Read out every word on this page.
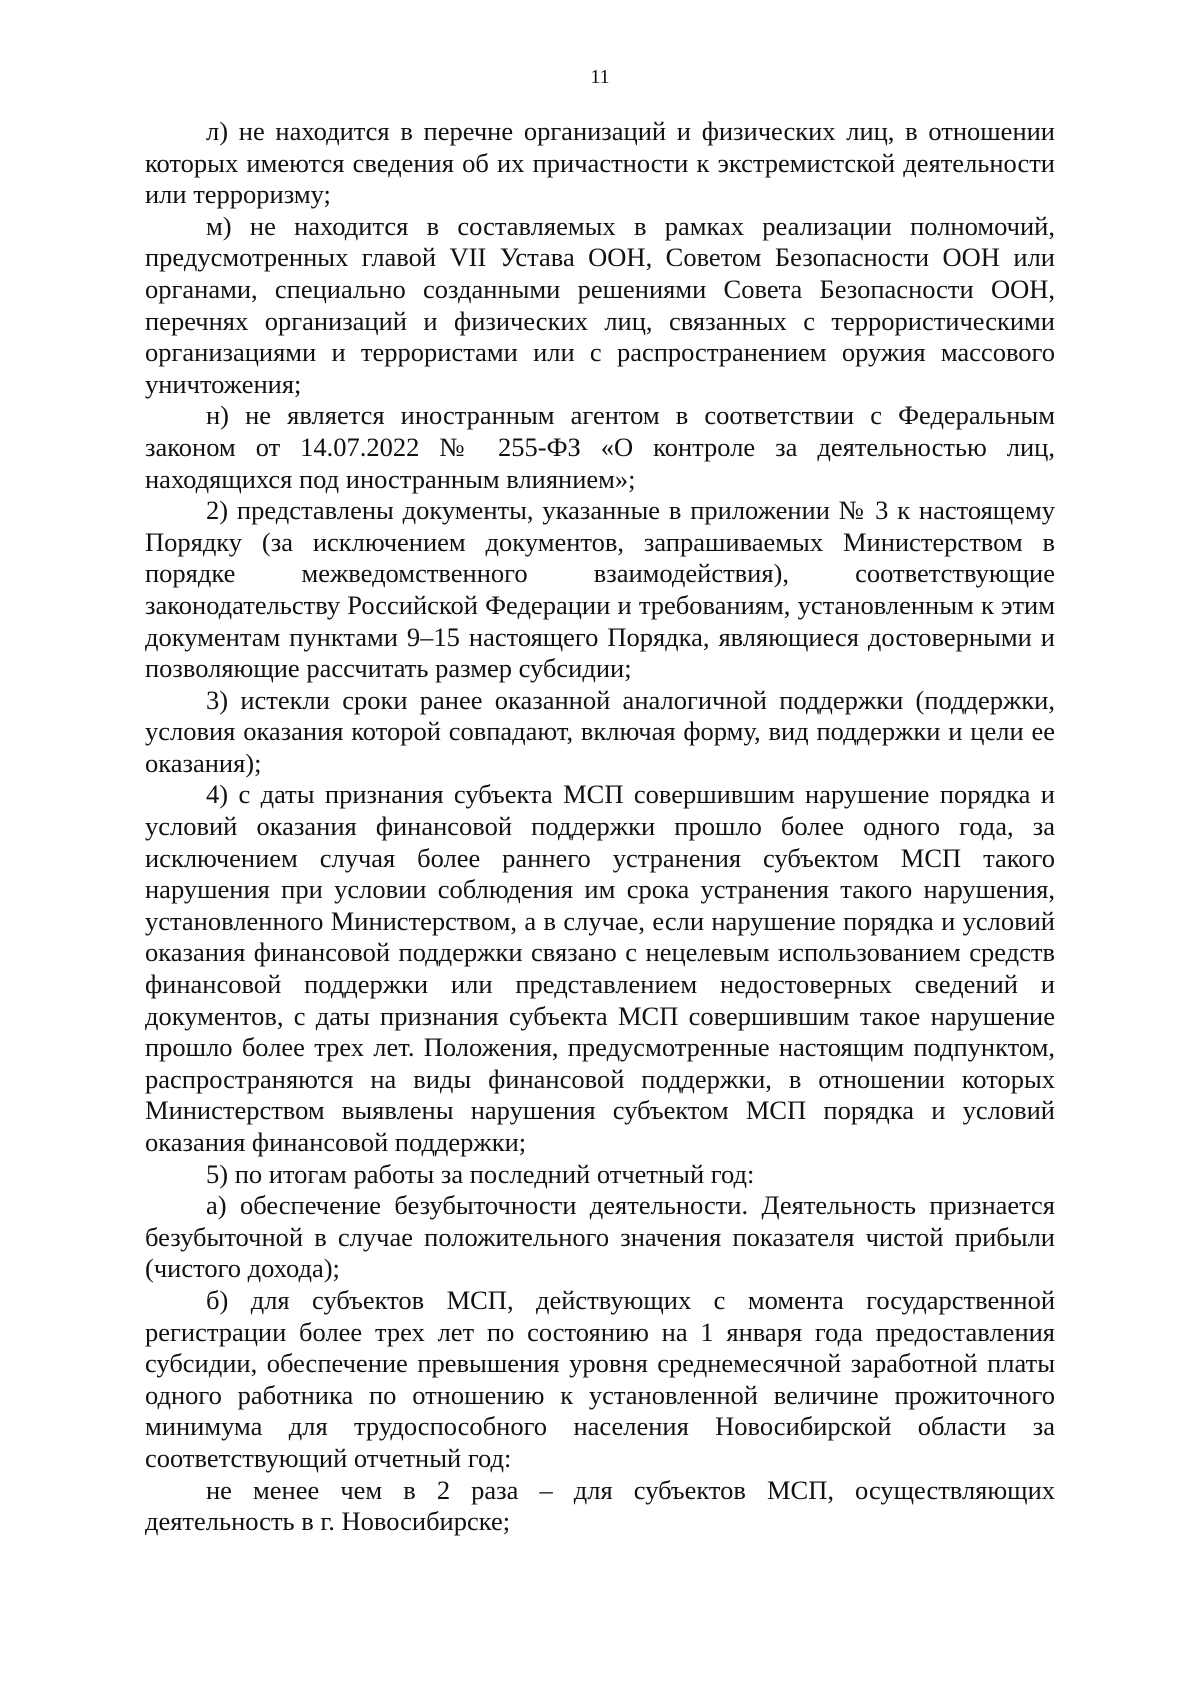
11

л) не находится в перечне организаций и физических лиц, в отношении которых имеются сведения об их причастности к экстремистской деятельности или терроризму;

м) не находится в составляемых в рамках реализации полномочий, предусмотренных главой VII Устава ООН, Советом Безопасности ООН или органами, специально созданными решениями Совета Безопасности ООН, перечнях организаций и физических лиц, связанных с террористическими организациями и террористами или с распространением оружия массового уничтожения;

н) не является иностранным агентом в соответствии с Федеральным законом от 14.07.2022 № 255-ФЗ «О контроле за деятельностью лиц, находящихся под иностранным влиянием»;

2) представлены документы, указанные в приложении № 3 к настоящему Порядку (за исключением документов, запрашиваемых Министерством в порядке межведомственного взаимодействия), соответствующие законодательству Российской Федерации и требованиям, установленным к этим документам пунктами 9–15 настоящего Порядка, являющиеся достоверными и позволяющие рассчитать размер субсидии;

3) истекли сроки ранее оказанной аналогичной поддержки (поддержки, условия оказания которой совпадают, включая форму, вид поддержки и цели ее оказания);

4) с даты признания субъекта МСП совершившим нарушение порядка и условий оказания финансовой поддержки прошло более одного года, за исключением случая более раннего устранения субъектом МСП такого нарушения при условии соблюдения им срока устранения такого нарушения, установленного Министерством, а в случае, если нарушение порядка и условий оказания финансовой поддержки связано с нецелевым использованием средств финансовой поддержки или представлением недостоверных сведений и документов, с даты признания субъекта МСП совершившим такое нарушение прошло более трех лет. Положения, предусмотренные настоящим подпунктом, распространяются на виды финансовой поддержки, в отношении которых Министерством выявлены нарушения субъектом МСП порядка и условий оказания финансовой поддержки;

5) по итогам работы за последний отчетный год:

а) обеспечение безубыточности деятельности. Деятельность признается безубыточной в случае положительного значения показателя чистой прибыли (чистого дохода);

б) для субъектов МСП, действующих с момента государственной регистрации более трех лет по состоянию на 1 января года предоставления субсидии, обеспечение превышения уровня среднемесячной заработной платы одного работника по отношению к установленной величине прожиточного минимума для трудоспособного населения Новосибирской области за соответствующий отчетный год:

не менее чем в 2 раза – для субъектов МСП, осуществляющих деятельность в г. Новосибирске;
